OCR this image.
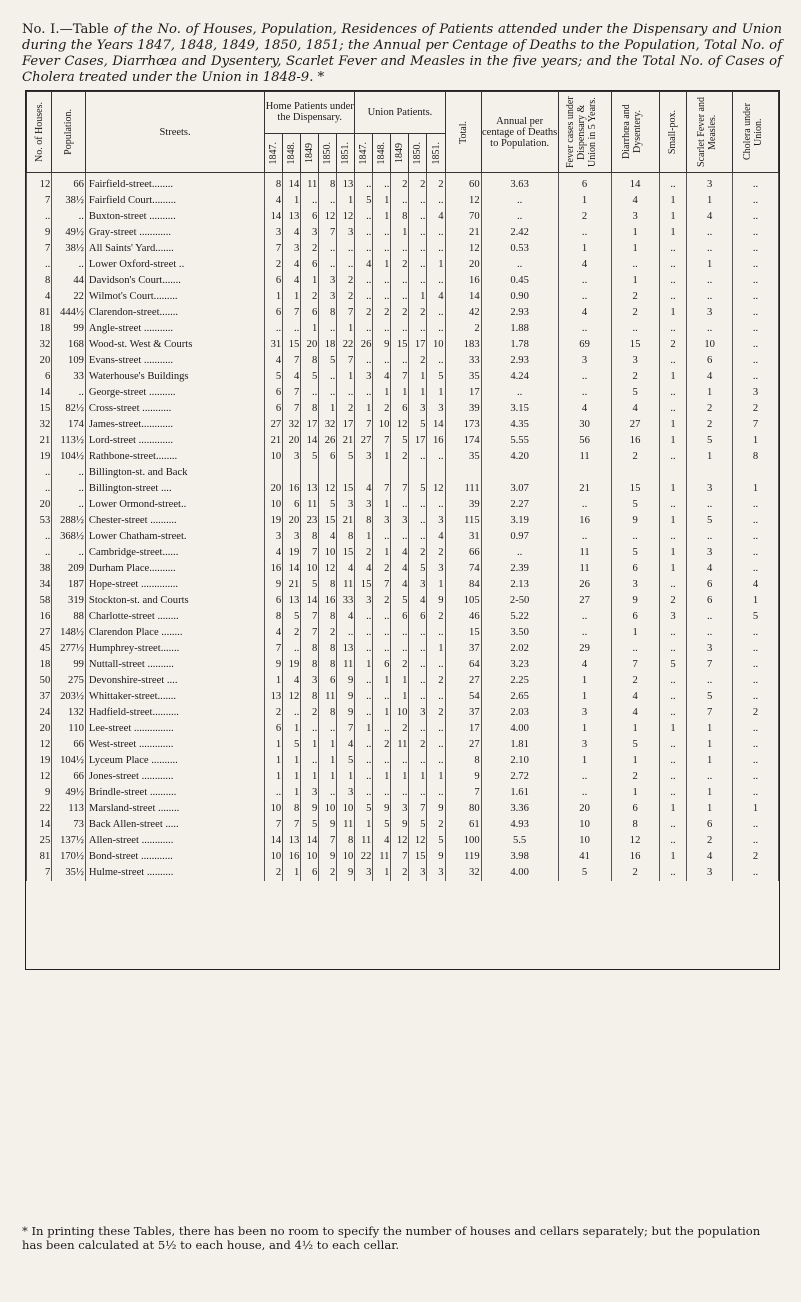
No. I.—Table of the No. of Houses, Population, Residences of Patients attended under the Dispensary and Union during the Years 1847, 1848, 1849, 1850, 1851; the Annual per Centage of Deaths to the Population, Total No. of Fever Cases, Diarrhœa and Dysentery, Scarlet Fever and Measles in the five years; and the Total No. of Cases of Cholera treated under the Union in 1848-9. *
No. of Houses.	Population.	Streets.	Home Patients under the Dispensary.					Union Patients.					Total.	Annual per centage of Deaths to Population.	Fever cases under Dispensary & Union in 5 Years.	Diarrhœa and Dysentery.	Small-pox.	Scarlet Fever and Measles.	Cholera under Union.

			1847.	1848.	1849	1850.	1851.	1847.	1848.	1849	1850.	1851.							

12	66	Fairfield-street........	8	14	11	8	13	..	..	2	2	2	60	3.63	6	14	..	3	..
7	38½	Fairfield Court.........	4	1	..	..	1	5	1	..	..	..	12	..	1	4	1	1	..
..	..	Buxton-street ..........	14	13	6	12	12	..	1	8	..	4	70	..	2	3	1	4	..
9	49½	Gray-street ............	3	4	3	7	3	..	..	1	..	..	21	2.42	..	1	1	..	..
7	38½	All Saints' Yard.......	7	3	2	..	..	..	..	..	..	..	12	0.53	1	1	..	..	..
..	..	Lower Oxford-street ..	2	4	6	..	..	4	1	2	..	1	20	..	4	..	..	1	..
8	44	Davidson's Court.......	6	4	1	3	2	..	..	..	..	..	16	0.45	..	1	..	..	..
4	22	Wilmot's Court.........	1	1	2	3	2	..	..	..	1	4	14	0.90	..	2	..	..	..
81	444½	Clarendon-street.......	6	7	6	8	7	2	2	2	2	..	42	2.93	4	2	1	3	..
18	99	Angle-street ...........	..	..	1	..	1	..	..	..	..	..	2	1.88	..	..	..	..	..
32	168	Wood-st. West & Courts	31	15	20	18	22	26	9	15	17	10	183	1.78	69	15	2	10	..
20	109	Evans-street ...........	4	7	8	5	7	..	..	..	2	..	33	2.93	3	3	..	6	..
6	33	Waterhouse's Buildings	5	4	5	..	1	3	4	7	1	5	35	4.24	..	2	1	4	..
14	..	George-street ..........	6	7	..	..	..	..	1	1	1	1	17	..	..	5	..	1	3
15	82½	Cross-street ...........	6	7	8	1	2	1	2	6	3	3	39	3.15	4	4	..	2	2
32	174	James-street............	27	32	17	32	17	7	10	12	5	14	173	4.35	30	27	1	2	7
21	113½	Lord-street .............	21	20	14	26	21	27	7	5	17	16	174	5.55	56	16	1	5	1
19	104½	Rathbone-street........	10	3	5	6	5	3	1	2	..	..	35	4.20	11	2	..	1	8
..	..	Billington-st. and Back																	
..	..	Billington-street ....	20	16	13	12	15	4	7	7	5	12	111	3.07	21	15	1	3	1
20	..	Lower Ormond-street..	10	6	11	5	3	3	1	..	..	..	39	2.27	..	5	..	..	..
53	288½	Chester-street ..........	19	20	23	15	21	8	3	3	..	3	115	3.19	16	9	1	5	..
..	368½	Lower Chatham-street.	3	3	8	4	8	1	..	..	..	4	31	0.97	..	..	..	..	..
..	..	Cambridge-street......	4	19	7	10	15	2	1	4	2	2	66	..	11	5	1	3	..
38	209	Durham Place..........	16	14	10	12	4	4	2	4	5	3	74	2.39	11	6	1	4	..
34	187	Hope-street ..............	9	21	5	8	11	15	7	4	3	1	84	2.13	26	3	..	6	4
58	319	Stockton-st. and Courts	6	13	14	16	33	3	2	5	4	9	105	2-50	27	9	2	6	1
16	88	Charlotte-street ........	8	5	7	8	4	..	..	6	6	2	46	5.22	..	6	3	..	5
27	148½	Clarendon Place ........	4	2	7	2	..	..	..	..	..	..	15	3.50	..	1	..	..	..
45	277½	Humphrey-street.......	7	..	8	8	13	..	..	..	..	1	37	2.02	29	..	..	3	..
18	99	Nuttall-street ..........	9	19	8	8	11	1	6	2	..	..	64	3.23	4	7	5	7	..
50	275	Devonshire-street ....	1	4	3	6	9	..	1	1	..	2	27	2.25	1	2	..	..	..
37	203½	Whittaker-street.......	13	12	8	11	9	..	..	1	..	..	54	2.65	1	4	..	5	..
24	132	Hadfield-street..........	2	..	2	8	9	..	1	10	3	2	37	2.03	3	4	..	7	2
20	110	Lee-street ...............	6	1	..	..	7	1	..	2	..	..	17	4.00	1	1	1	1	..
12	66	West-street .............	1	5	1	1	4	..	2	11	2	..	27	1.81	3	5	..	1	..
19	104½	Lyceum Place ..........	1	1	..	1	5	..	..	..	..	..	8	2.10	1	1	..	1	..
12	66	Jones-street ............	1	1	1	1	1	..	1	1	1	1	9	2.72	..	2	..	..	..
9	49½	Brindle-street ..........	..	1	3	..	3	..	..	..	..	..	7	1.61	..	1	..	1	..
22	113	Marsland-street ........	10	8	9	10	10	5	9	3	7	9	80	3.36	20	6	1	1	1
14	73	Back Allen-street .....	7	7	5	9	11	1	5	9	5	2	61	4.93	10	8	..	6	..
25	137½	Allen-street ............	14	13	14	7	8	11	4	12	12	5	100	5.5	10	12	..	2	..
81	170½	Bond-street ............	10	16	10	9	10	22	11	7	15	9	119	3.98	41	16	1	4	2
7	35½	Hulme-street ..........	2	1	6	2	9	3	1	2	3	3	32	4.00	5	2	..	3	..
* In printing these Tables, there has been no room to specify the number of houses and cellars separately; but the population has been calculated at 5½ to each house, and 4½ to each cellar.
